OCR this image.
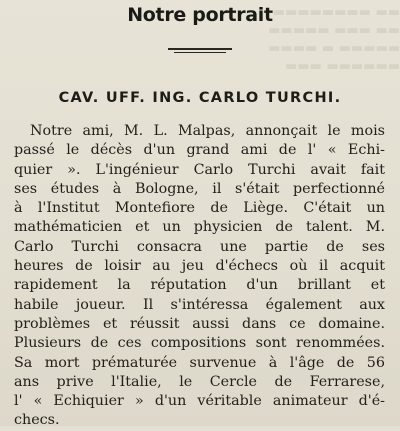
▬▬ ▬▬▬▬▬▬▬▬
▬▬ ▬▬▬ ▬▬▬▬▬
▬▬▬▬▬ ▬ ▬▬▬▬
▬▬▬▬▬▬ ▬▬▬
Notre portrait
CAV. UFF. ING. CARLO TURCHI.
Notre ami, M. L. Malpas, annonçait le mois
passé le décès d'un grand ami de l' « Echi-
quier ». L'ingénieur Carlo Turchi avait fait
ses études à Bologne, il s'était perfectionné
à l'Institut Montefiore de Liège. C'était un
mathématicien et un physicien de talent. M.
Carlo Turchi consacra une partie de ses
heures de loisir au jeu d'échecs où il acquit
rapidement la réputation d'un brillant et
habile joueur. Il s'intéressa également aux
problèmes et réussit aussi dans ce domaine.
Plusieurs de ces compositions sont renommées.
Sa mort prématurée survenue à l'âge de 56
ans prive l'Italie, le Cercle de Ferrarese,
l' « Echiquier » d'un véritable animateur d'é-
checs.
